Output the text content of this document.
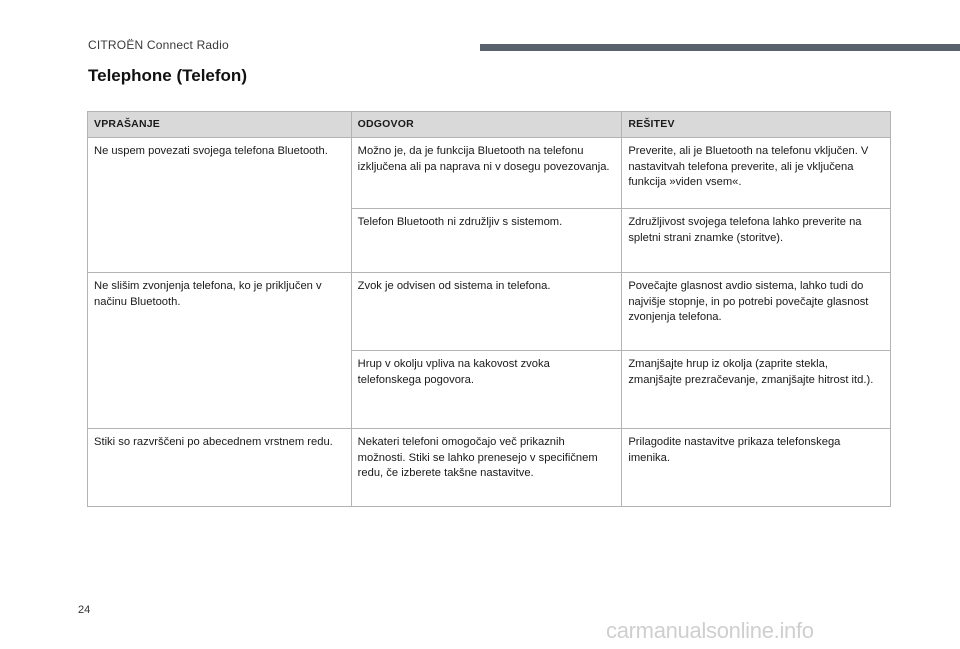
CITROËN Connect Radio
Telephone (Telefon)
VPRAŠANJE	ODGOVOR	REŠITEV
Ne uspem povezati svojega telefona Bluetooth.	Možno je, da je funkcija Bluetooth na telefonu izključena ali pa naprava ni v dosegu povezovanja.	Preverite, ali je Bluetooth na telefonu vključen. V nastavitvah telefona preverite, ali je vključena funkcija »viden vsem«.
	Telefon Bluetooth ni združljiv s sistemom.	Združljivost svojega telefona lahko preverite na spletni strani znamke (storitve).
Ne slišim zvonjenja telefona, ko je priključen v načinu Bluetooth.	Zvok je odvisen od sistema in telefona.	Povečajte glasnost avdio sistema, lahko tudi do najvišje stopnje, in po potrebi povečajte glasnost zvonjenja telefona.
	Hrup v okolju vpliva na kakovost zvoka telefonskega pogovora.	Zmanjšajte hrup iz okolja (zaprite stekla, zmanjšajte prezračevanje, zmanjšajte hitrost itd.).
Stiki so razvrščeni po abecednem vrstnem redu.	Nekateri telefoni omogočajo več prikaznih možnosti. Stiki se lahko prenesejo v specifičnem redu, če izberete takšne nastavitve.	Prilagodite nastavitve prikaza telefonskega imenika.
24
carmanualsonline.info
